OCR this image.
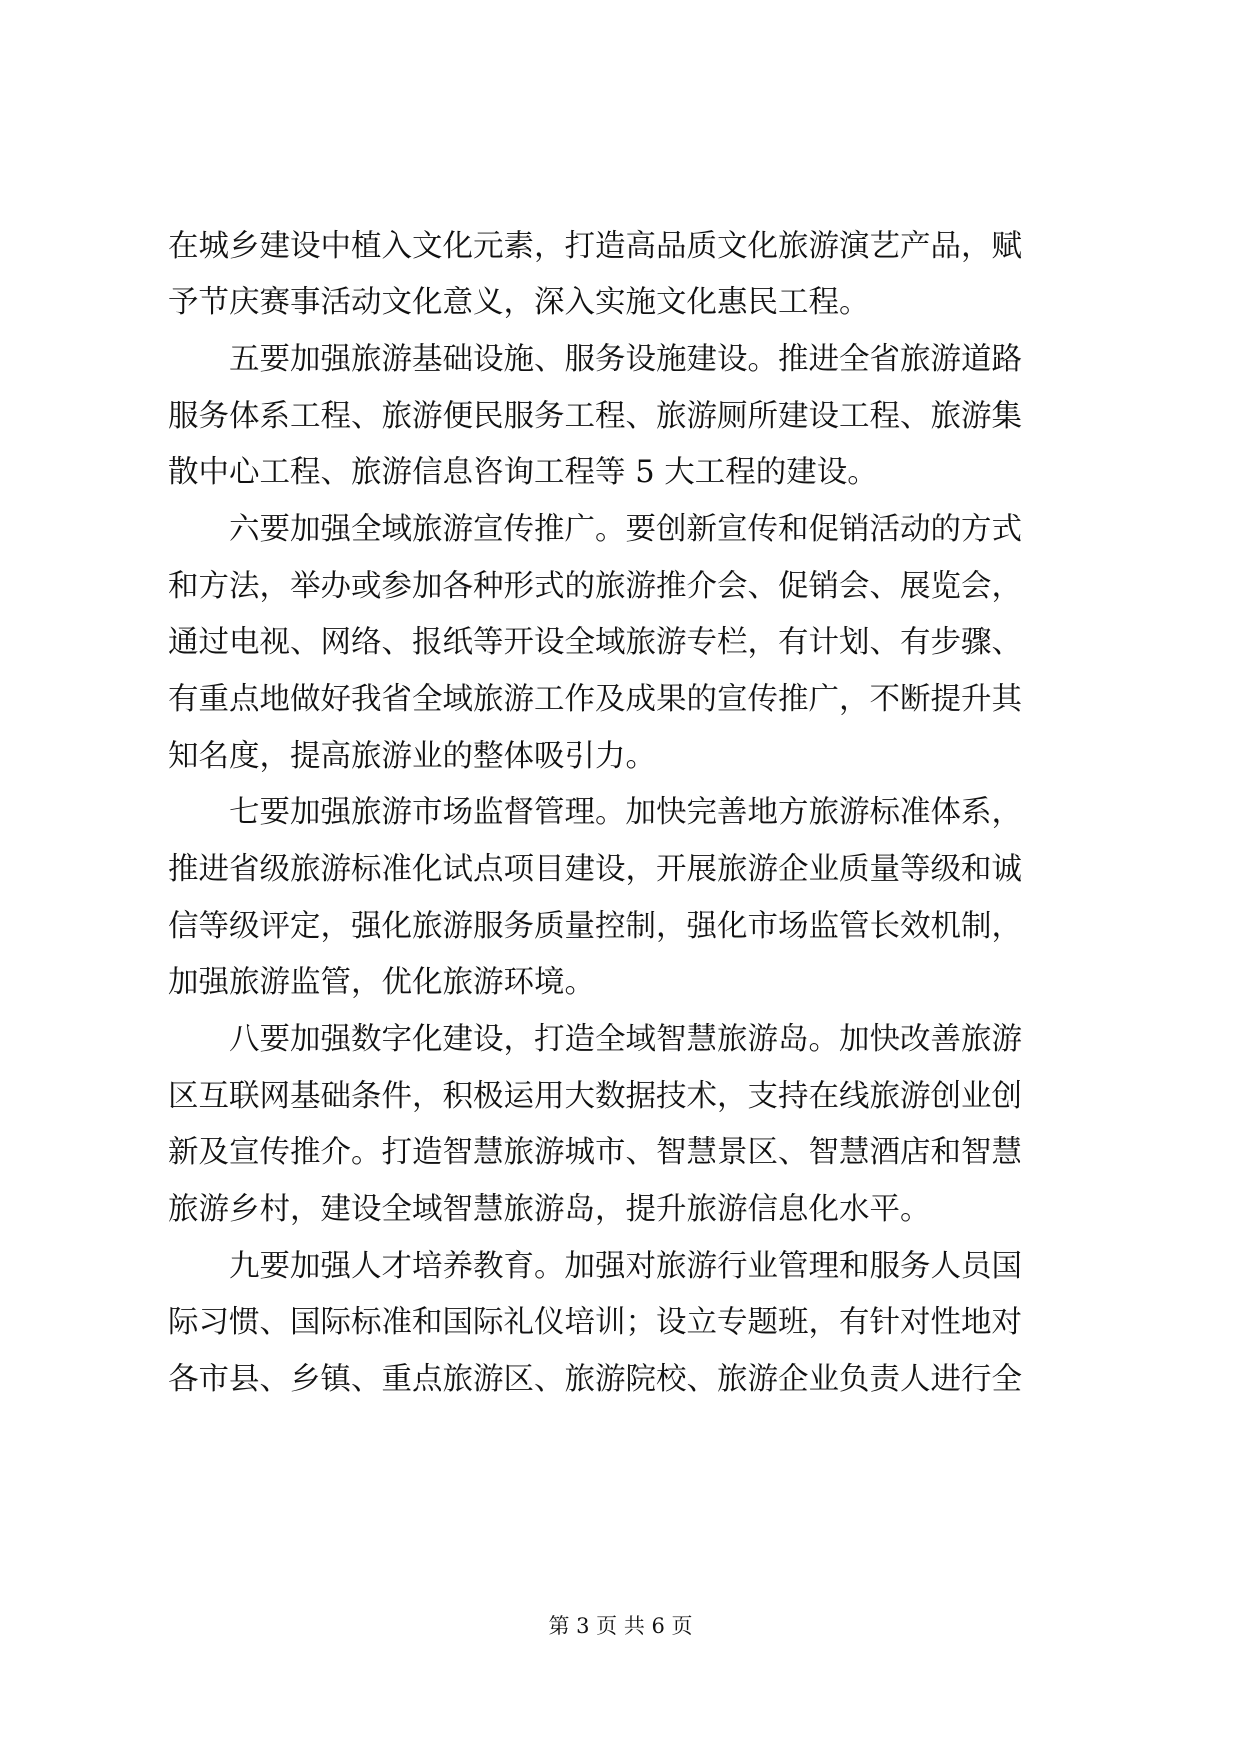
在城乡建设中植入文化元素，打造高品质文化旅游演艺产品，赋
予节庆赛事活动文化意义，深入实施文化惠民工程。
五要加强旅游基础设施、服务设施建设。推进全省旅游道路
服务体系工程、旅游便民服务工程、旅游厕所建设工程、旅游集
散中心工程、旅游信息咨询工程等 5 大工程的建设。
六要加强全域旅游宣传推广。要创新宣传和促销活动的方式
和方法，举办或参加各种形式的旅游推介会、促销会、展览会，
通过电视、网络、报纸等开设全域旅游专栏，有计划、有步骤、
有重点地做好我省全域旅游工作及成果的宣传推广，不断提升其
知名度，提高旅游业的整体吸引力。
七要加强旅游市场监督管理。加快完善地方旅游标准体系，
推进省级旅游标准化试点项目建设，开展旅游企业质量等级和诚
信等级评定，强化旅游服务质量控制，强化市场监管长效机制，
加强旅游监管，优化旅游环境。
八要加强数字化建设，打造全域智慧旅游岛。加快改善旅游
区互联网基础条件，积极运用大数据技术，支持在线旅游创业创
新及宣传推介。打造智慧旅游城市、智慧景区、智慧酒店和智慧
旅游乡村，建设全域智慧旅游岛，提升旅游信息化水平。
九要加强人才培养教育。加强对旅游行业管理和服务人员国
际习惯、国际标准和国际礼仪培训；设立专题班，有针对性地对
各市县、乡镇、重点旅游区、旅游院校、旅游企业负责人进行全
第 3 页 共 6 页
